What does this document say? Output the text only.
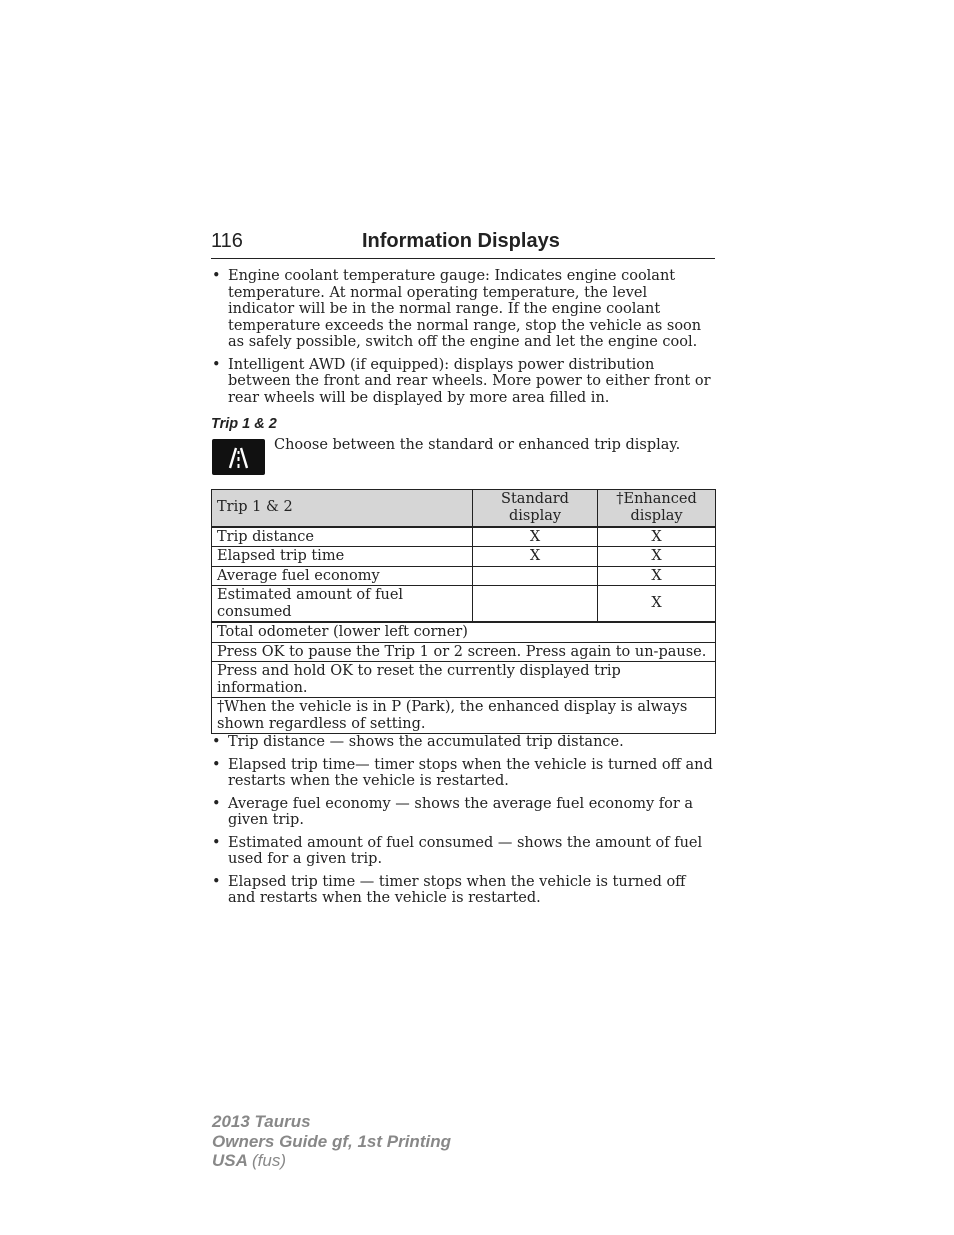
116	Information Displays
• Engine coolant temperature gauge: Indicates engine coolant temperature. At normal operating temperature, the level indicator will be in the normal range. If the engine coolant temperature exceeds the normal range, stop the vehicle as soon as safely possible, switch off the engine and let the engine cool.
• Intelligent AWD (if equipped): displays power distribution between the front and rear wheels. More power to either front or rear wheels will be displayed by more area filled in.
Trip 1 & 2
Choose between the standard or enhanced trip display.
Trip 1 & 2	Standard display	†Enhanced display
Trip distance	X	X
Elapsed trip time	X	X
Average fuel economy		X
Estimated amount of fuel consumed		X
Total odometer (lower left corner)		
Press OK to pause the Trip 1 or 2 screen. Press again to un-pause.		
Press and hold OK to reset the currently displayed trip information.		
†When the vehicle is in P (Park), the enhanced display is always shown regardless of setting.		
• Trip distance — shows the accumulated trip distance.
• Elapsed trip time— timer stops when the vehicle is turned off and restarts when the vehicle is restarted.
• Average fuel economy — shows the average fuel economy for a given trip.
• Estimated amount of fuel consumed — shows the amount of fuel used for a given trip.
• Elapsed trip time — timer stops when the vehicle is turned off and restarts when the vehicle is restarted.
2013 Taurus
Owners Guide gf, 1st Printing
USA (fus)
